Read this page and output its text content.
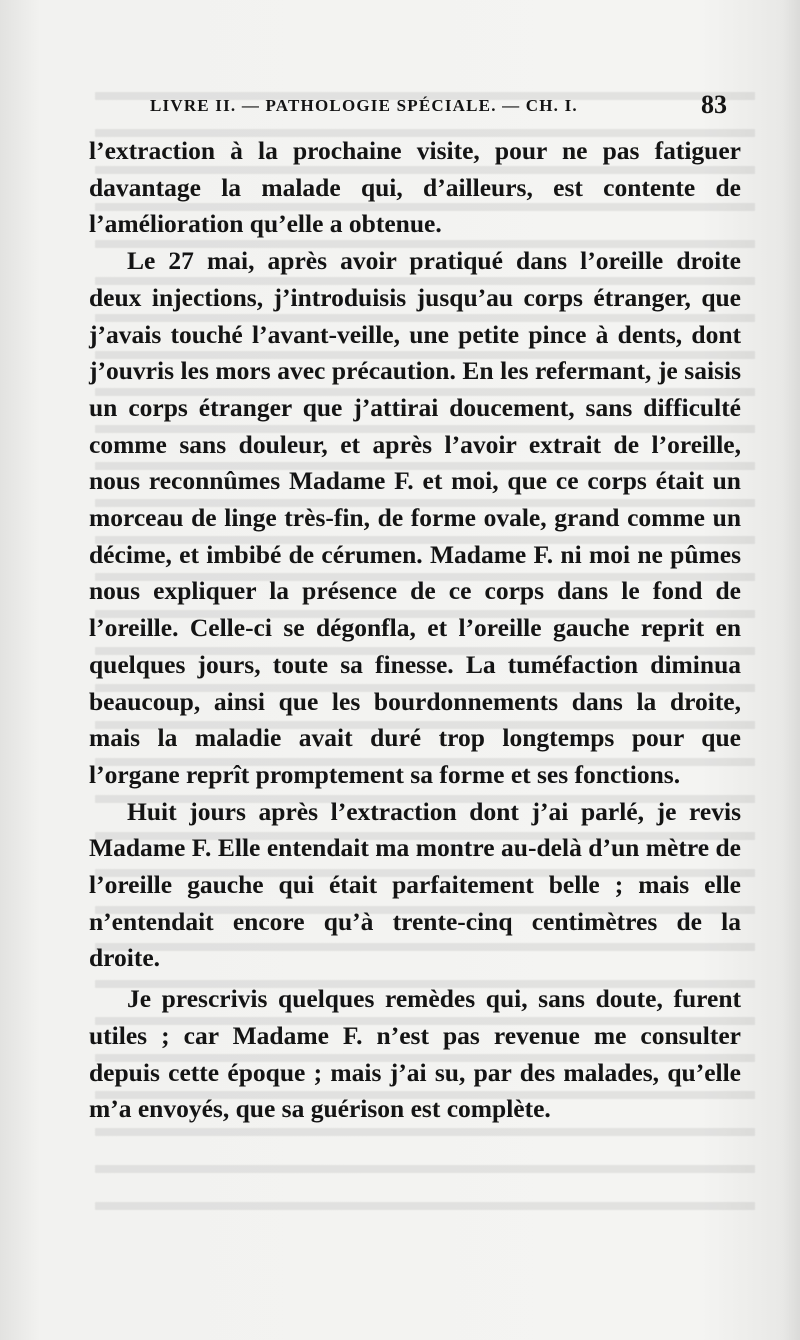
LIVRE II. — PATHOLOGIE SPÉCIALE. — CH. I.	83

l’extraction à la prochaine visite, pour ne pas fatiguer davantage la malade qui, d’ailleurs, est contente de l’amélioration qu’elle a obtenue.

Le 27 mai, après avoir pratiqué dans l’oreille droite deux injections, j’introduisis jusqu’au corps étranger, que j’avais touché l’avant-veille, une petite pince à dents, dont j’ouvris les mors avec précaution. En les refermant, je saisis un corps étranger que j’attirai doucement, sans difficulté comme sans douleur, et après l’avoir extrait de l’oreille, nous reconnûmes Madame F. et moi, que ce corps était un morceau de linge très-fin, de forme ovale, grand comme un décime, et imbibé de cérumen. Madame F. ni moi ne pûmes nous expliquer la présence de ce corps dans le fond de l’oreille. Celle-ci se dégonfla, et l’oreille gauche reprit en quelques jours, toute sa finesse. La tuméfaction diminua beaucoup, ainsi que les bourdonnements dans la droite, mais la maladie avait duré trop longtemps pour que l’organe reprît promptement sa forme et ses fonctions.

Huit jours après l’extraction dont j’ai parlé, je revis Madame F. Elle entendait ma montre au-delà d’un mètre de l’oreille gauche qui était parfaitement belle ; mais elle n’entendait encore qu’à trente-cinq centimètres de la droite.

Je prescrivis quelques remèdes qui, sans doute, furent utiles ; car Madame F. n’est pas revenue me consulter depuis cette époque ; mais j’ai su, par des malades, qu’elle m’a envoyés, que sa guérison est complète.
